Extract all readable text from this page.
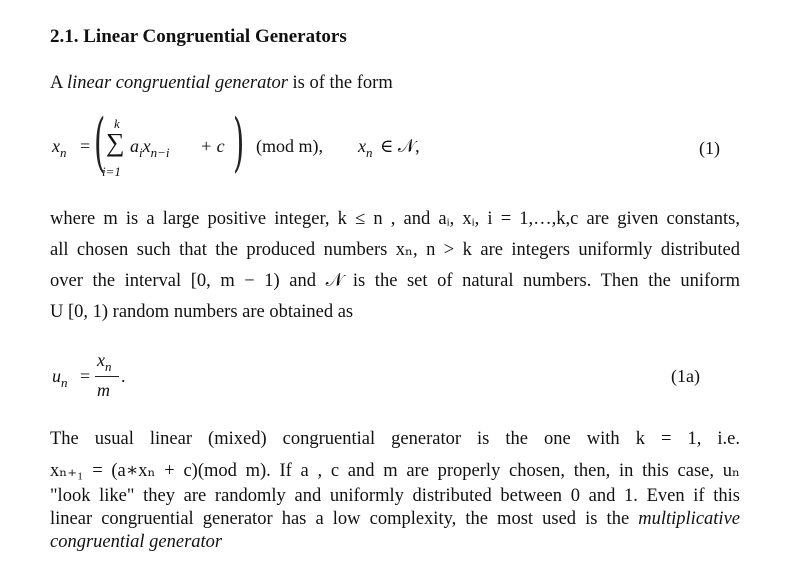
2.1. Linear Congruential Generators

A linear congruential generator is of the form

$x_n$ = ( k
∑
i=1
$a_ix_{n-i} + c$ ) (mod m), $x_n$ ∈ 𝒩,	(1)
where m is a large positive integer, k ≤ n , and aᵢ, xᵢ, i = 1,…,k,c are given constants,
all chosen such that the produced numbers xₙ, n > k are integers uniformly distributed
over the interval [0, m − 1) and 𝒩 is the set of natural numbers. Then the uniform
U [0, 1) random numbers are obtained as
$u_n$ =
$x_n$
m
.	(1a)
The usual linear (mixed) congruential generator is the one with k = 1, i.e.
xₙ₊₁ = (a∗xₙ + c)(mod m). If a , c and m are properly chosen, then, in this case, uₙ
"look like" they are randomly and uniformly distributed between 0 and 1. Even if this
linear congruential generator has a low complexity, the most used is the multiplicative
congruential generator
